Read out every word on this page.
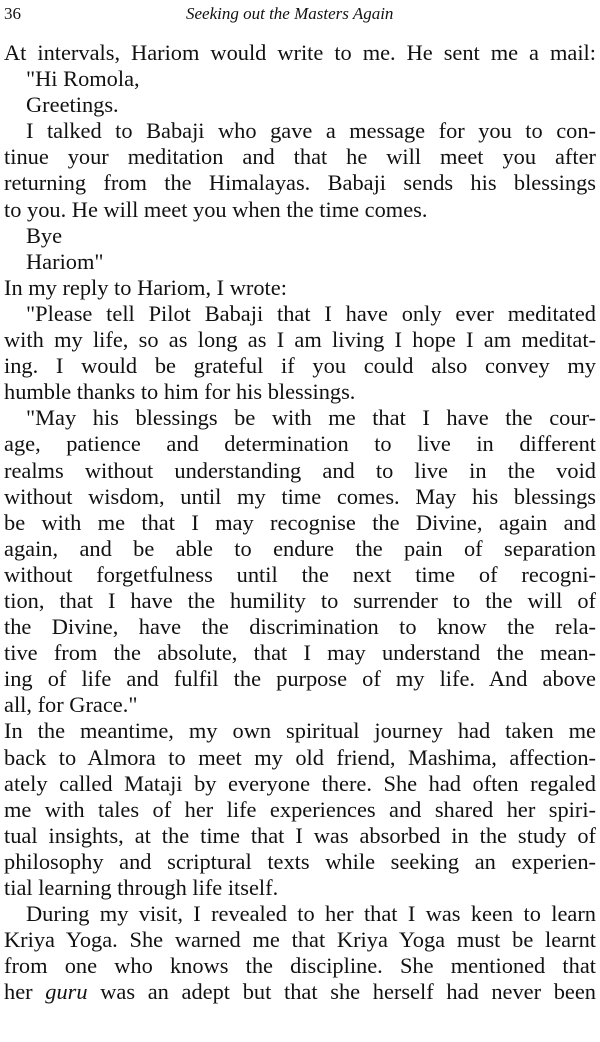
36	Seeking out the Masters Again
At intervals, Hariom would write to me. He sent me a mail:
"Hi Romola,
Greetings.
I talked to Babaji who gave a message for you to con-
tinue your meditation and that he will meet you after
returning from the Himalayas. Babaji sends his blessings
to you. He will meet you when the time comes.
Bye
Hariom"
In my reply to Hariom, I wrote:
"Please tell Pilot Babaji that I have only ever meditated
with my life, so as long as I am living I hope I am meditat-
ing. I would be grateful if you could also convey my
humble thanks to him for his blessings.
"May his blessings be with me that I have the cour-
age, patience and determination to live in different
realms without understanding and to live in the void
without wisdom, until my time comes. May his blessings
be with me that I may recognise the Divine, again and
again, and be able to endure the pain of separation
without forgetfulness until the next time of recogni-
tion, that I have the humility to surrender to the will of
the Divine, have the discrimination to know the rela-
tive from the absolute, that I may understand the mean-
ing of life and fulfil the purpose of my life. And above
all, for Grace."
In the meantime, my own spiritual journey had taken me
back to Almora to meet my old friend, Mashima, affection-
ately called Mataji by everyone there. She had often regaled
me with tales of her life experiences and shared her spiri-
tual insights, at the time that I was absorbed in the study of
philosophy and scriptural texts while seeking an experien-
tial learning through life itself.
During my visit, I revealed to her that I was keen to learn
Kriya Yoga. She warned me that Kriya Yoga must be learnt
from one who knows the discipline. She mentioned that
her guru was an adept but that she herself had never been
